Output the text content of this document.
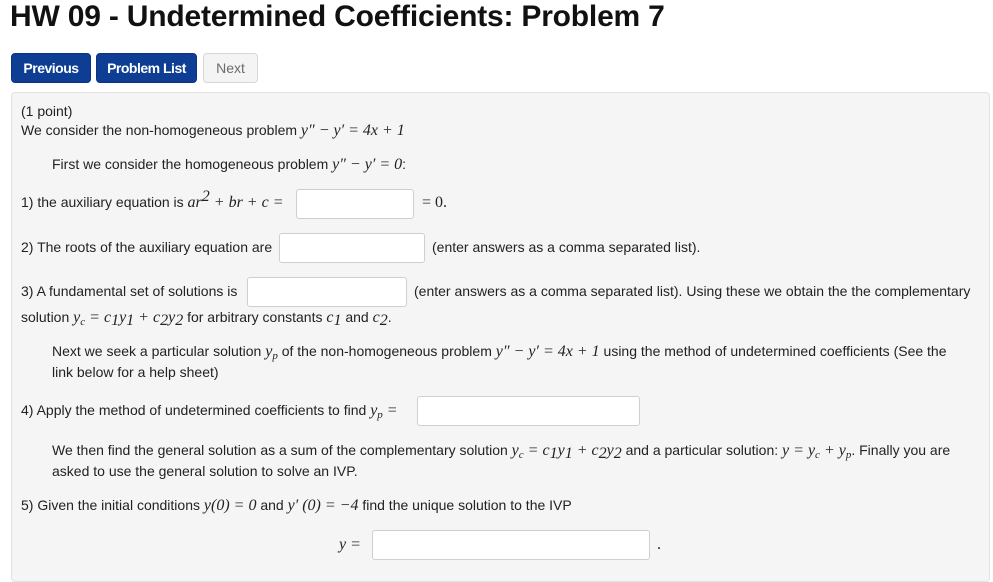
HW 09 - Undetermined Coefficients: Problem 7
Previous	Problem List	Next
(1 point)
We consider the non-homogeneous problem y″ − y′ = 4x + 1
First we consider the homogeneous problem y″ − y′ = 0:
1) the auxiliary equation is $ar^2$ + br + c =	= 0.
2) The roots of the auxiliary equation are	(enter answers as a comma separated list).
3) A fundamental set of solutions is	(enter answers as a comma separated list). Using these we obtain the the complementary
solution $y_c = c_1y_1 + c_2y_2$ for arbitrary constants $c_1$ and $c_2$.
Next we seek a particular solution $y_p$ of the non-homogeneous problem y″ − y′ = 4x + 1 using the method of undetermined coefficients (See the
link below for a help sheet)
4) Apply the method of undetermined coefficients to find $y_p$ =
We then find the general solution as a sum of the complementary solution $y_c = c_1y_1 + c_2y_2$ and a particular solution: $y = y_c + y_p$. Finally you are
asked to use the general solution to solve an IVP.
5) Given the initial conditions y(0) = 0 and y′ (0) = −4 find the unique solution to the IVP
y =	.
